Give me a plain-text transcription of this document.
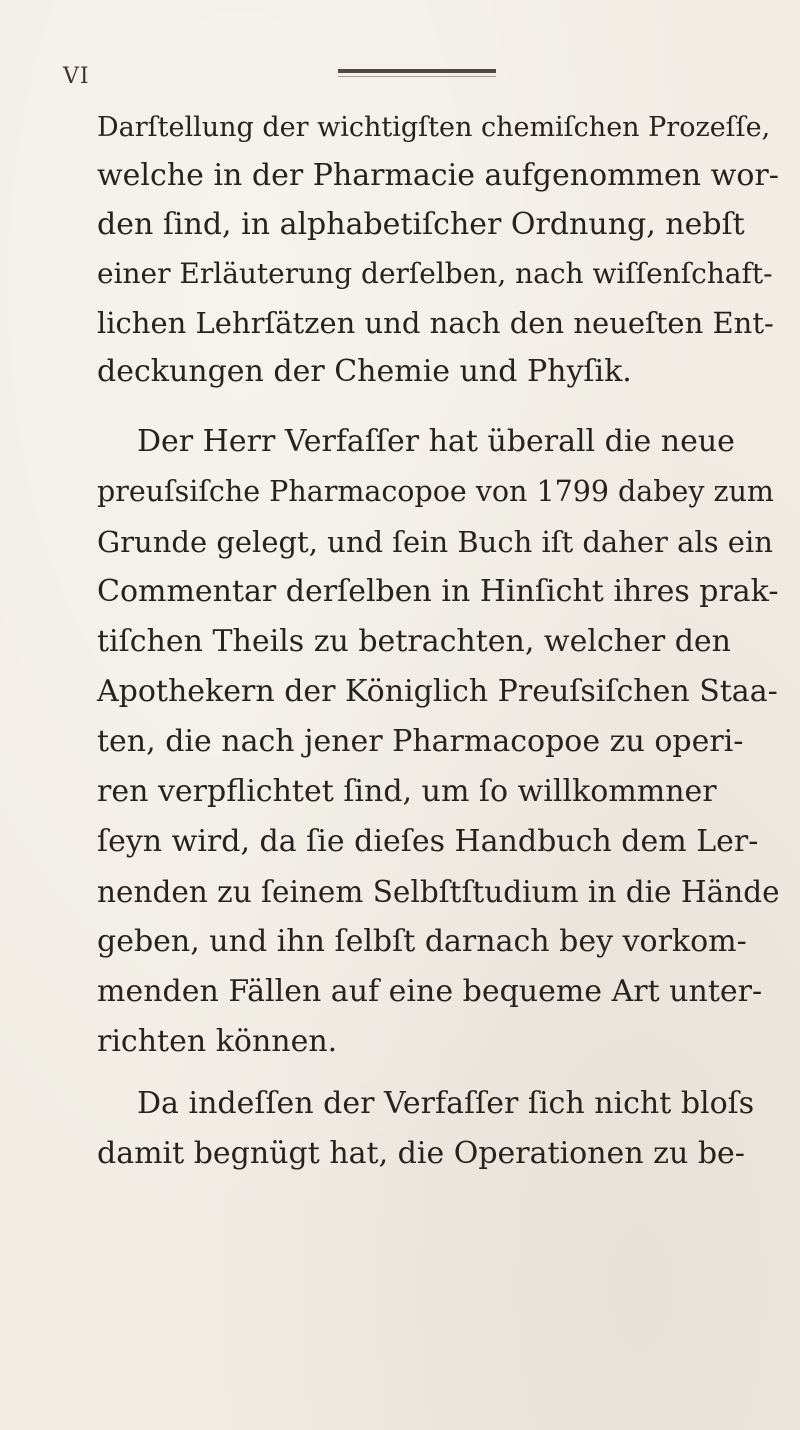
VI
Darſtellung der wichtigſten chemiſchen Prozeſſe,
welche in der Pharmacie aufgenommen wor-
den ſind, in alphabetiſcher Ordnung, nebſt
einer Erläuterung derſelben, nach wiſſenſchaft-
lichen Lehrſätzen und nach den neueſten Ent-
deckungen der Chemie und Phyſik.
Der Herr Verfaſſer hat überall die neue
preuſsiſche Pharmacopoe von 1799 dabey zum
Grunde gelegt, und ſein Buch iſt daher als ein
Commentar derſelben in Hinſicht ihres prak-
tiſchen Theils zu betrachten, welcher den
Apothekern der Königlich Preuſsiſchen Staa-
ten, die nach jener Pharmacopoe zu operi-
ren verpflichtet ſind, um ſo willkommner
ſeyn wird, da ſie dieſes Handbuch dem Ler-
nenden zu ſeinem Selbſtſtudium in die Hände
geben, und ihn ſelbſt darnach bey vorkom-
menden Fällen auf eine bequeme Art unter-
richten können.
Da indeſſen der Verfaſſer ſich nicht bloſs
damit begnügt hat, die Operationen zu be-
